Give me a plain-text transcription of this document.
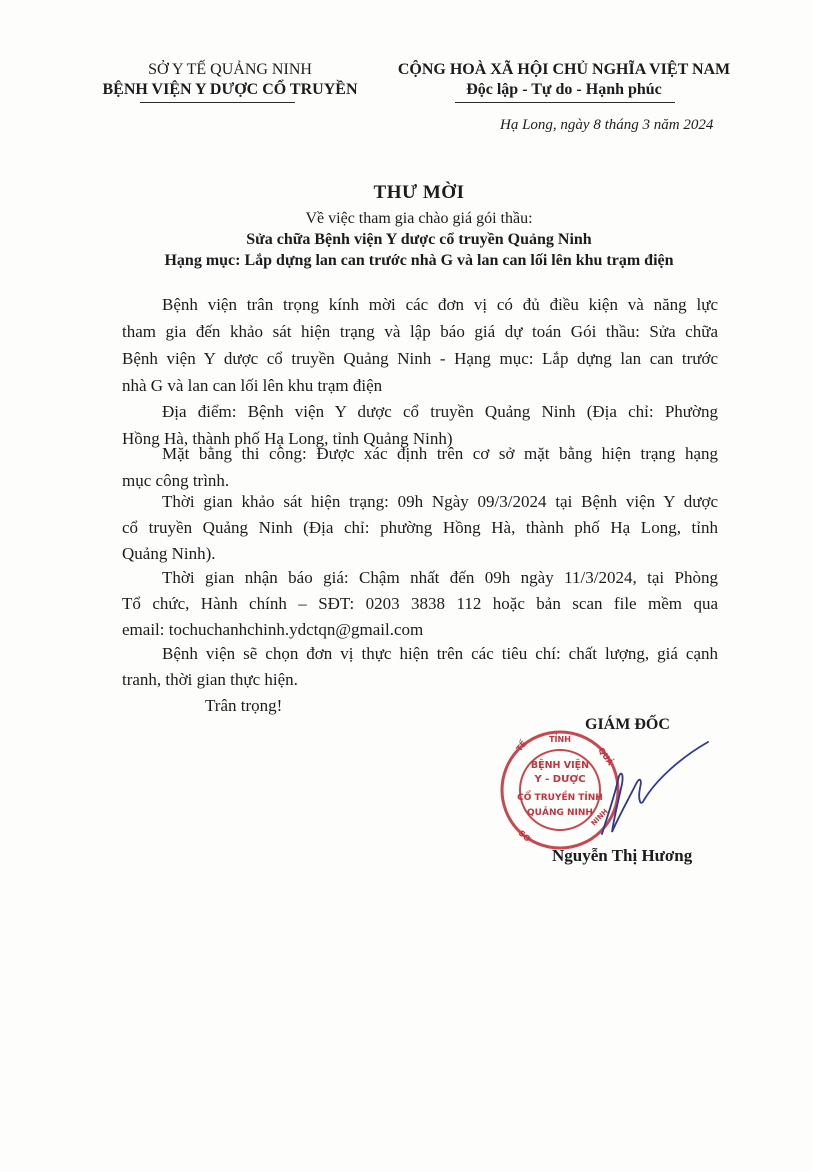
SỞ Y TẾ QUẢNG NINH
BỆNH VIỆN Y DƯỢC CỔ TRUYỀN
CỘNG HOÀ XÃ HỘI CHỦ NGHĨA VIỆT NAM
Độc lập - Tự do - Hạnh phúc
Hạ Long, ngày 8 tháng 3 năm 2024
THƯ MỜI
Về việc tham gia chào giá gói thầu:
Sửa chữa Bệnh viện Y dược cổ truyền Quảng Ninh
Hạng mục: Lắp dựng lan can trước nhà G và lan can lối lên khu trạm điện
Bệnh viện trân trọng kính mời các đơn vị có đủ điều kiện và năng lực
tham gia đến khảo sát hiện trạng và lập báo giá dự toán Gói thầu: Sửa chữa
Bệnh viện Y dược cổ truyền Quảng Ninh - Hạng mục: Lắp dựng lan can trước
nhà G và lan can lối lên khu trạm điện
Địa điểm: Bệnh viện Y dược cổ truyền Quảng Ninh (Địa chỉ: Phường
Hồng Hà, thành phố Hạ Long, tỉnh Quảng Ninh)
Mặt bằng thi công: Được xác định trên cơ sở mặt bằng hiện trạng hạng
mục công trình.
Thời gian khảo sát hiện trạng: 09h Ngày 09/3/2024 tại Bệnh viện Y dược
cổ truyền Quảng Ninh (Địa chỉ: phường Hồng Hà, thành phố Hạ Long, tỉnh
Quảng Ninh).
Thời gian nhận báo giá: Chậm nhất đến 09h ngày 11/3/2024, tại Phòng
Tổ chức, Hành chính – SĐT: 0203 3838 112 hoặc bản scan file mềm qua
email: tochuchanhchinh.ydctqn@gmail.com
Bệnh viện sẽ chọn đơn vị thực hiện trên các tiêu chí: chất lượng, giá cạnh
tranh, thời gian thực hiện.
Trân trọng!
GIÁM ĐỐC
TỈNH
TẾ	QUẢ
SƠ
NINH
BỆNH VIỆN
Y - DƯỢC
CỔ TRUYỀN TỈNH
QUẢNG NINH
Nguyễn Thị Hương
